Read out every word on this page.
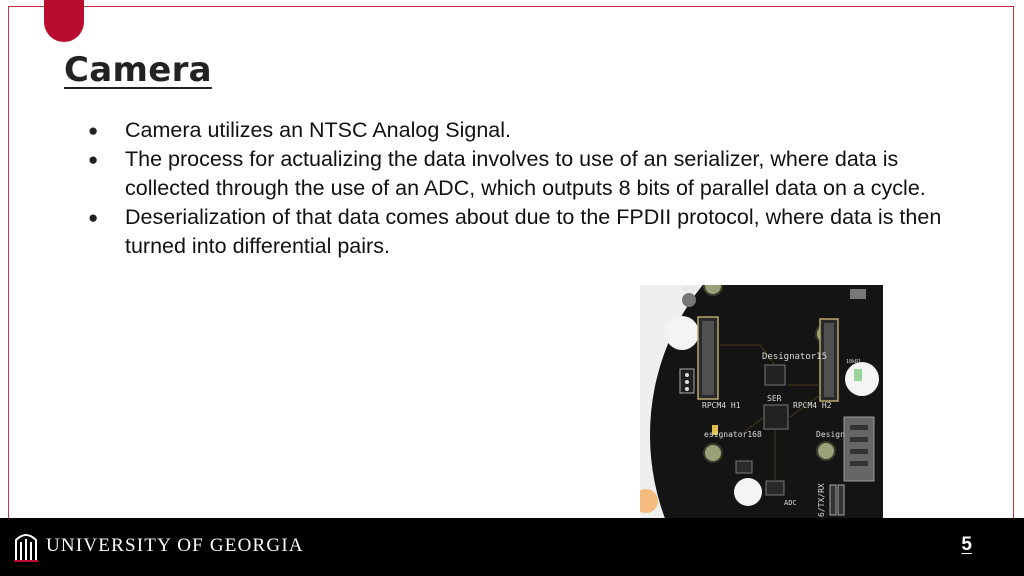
Camera
● Camera utilizes an NTSC Analog Signal.
● The process for actualizing the data involves to use of an serializer, where data is collected through the use of an ADC, which outputs 8 bits of parallel data on a cycle.
● Deserialization of that data comes about due to the FPDII protocol, where data is then turned into differential pairs.
NPN1
Designator15	10kR1
RPCM4 H1
SER
RPCM4 H2
esignator168	Design
ADC	6/TX/RX
UNIVERSITY OF GEORGIA	5
